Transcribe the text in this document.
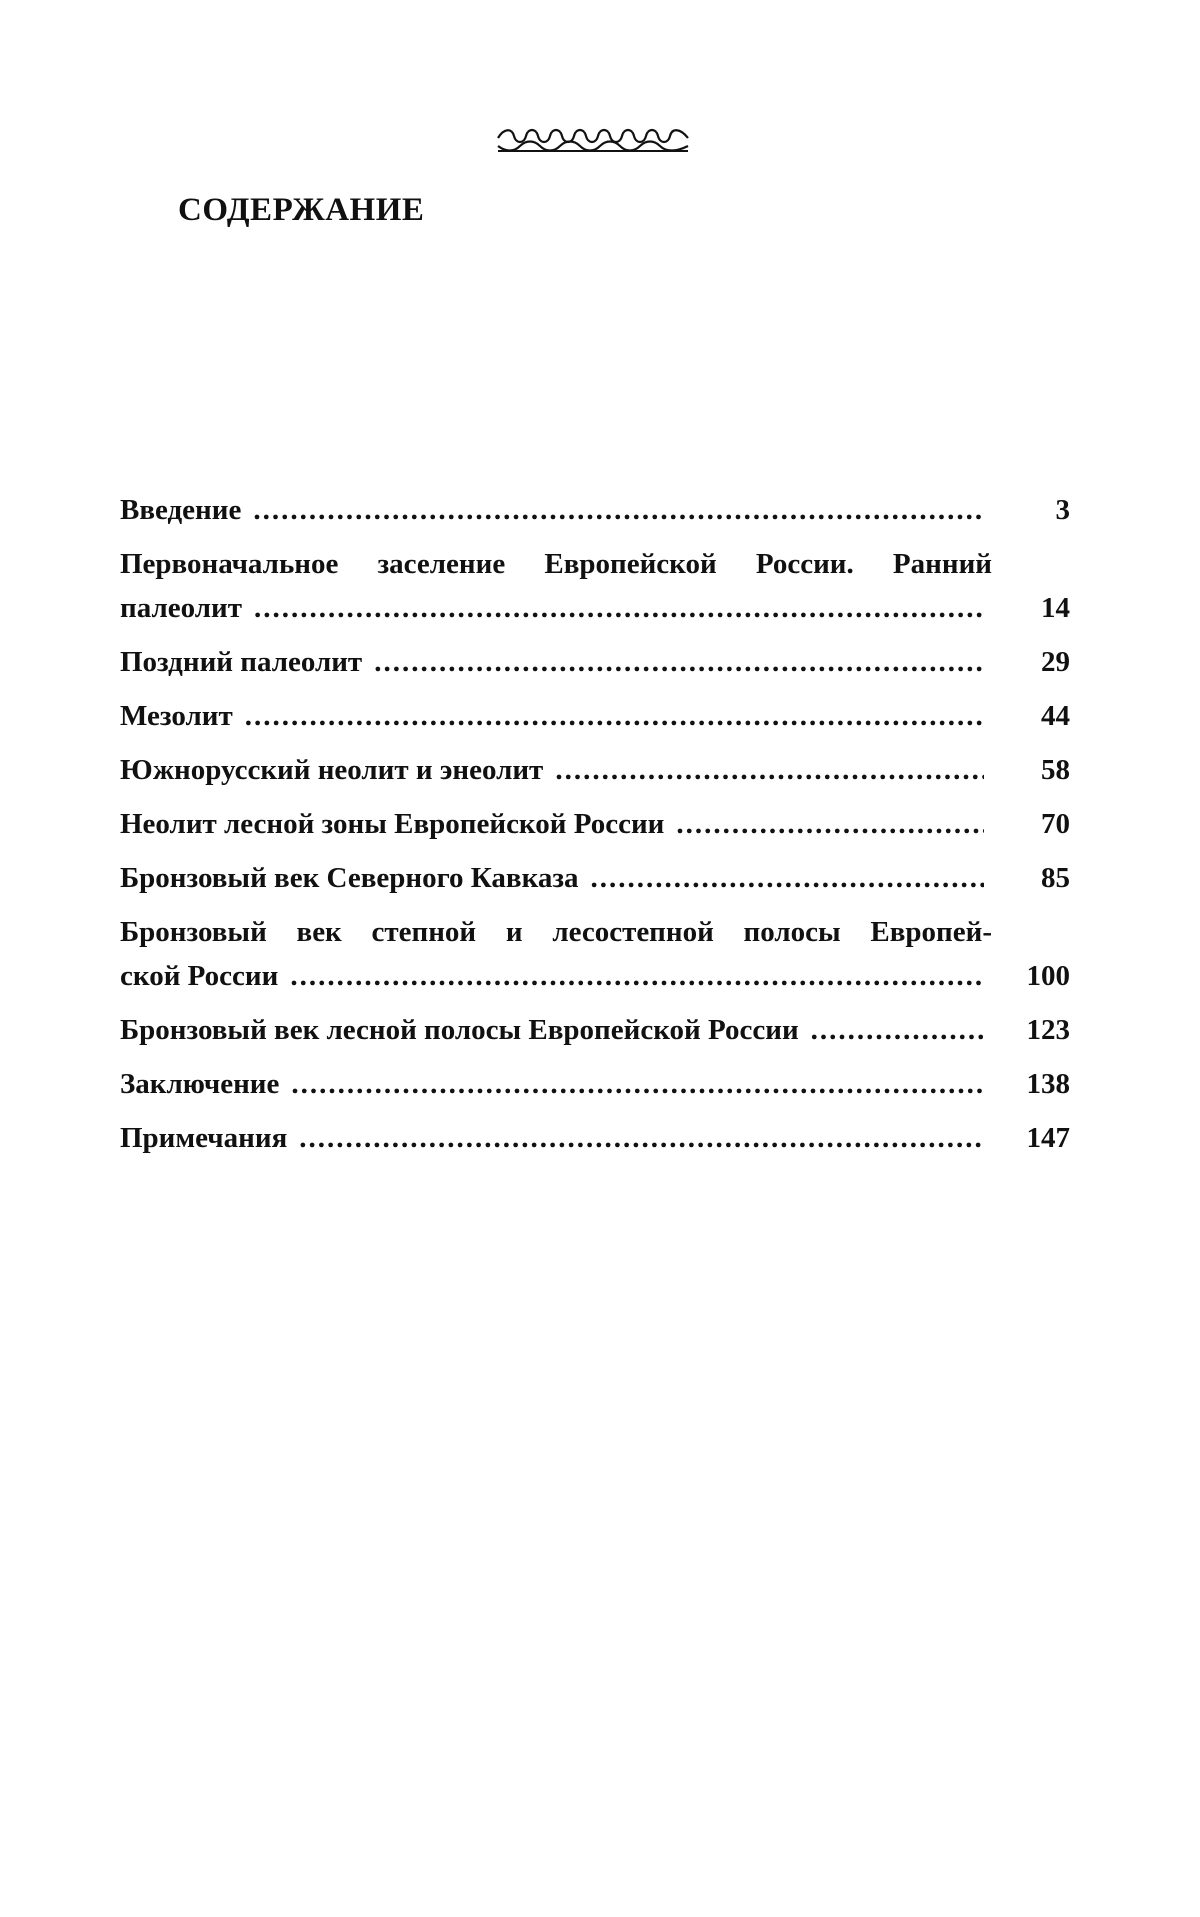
СОДЕРЖАНИЕ
Введение .....	3
Первоначальное заселение Европейской России. Ранний
палеолит .....	14
Поздний палеолит .....	29
Мезолит .....	44
Южнорусский неолит и энеолит .....	58
Неолит лесной зоны Европейской России .....	70
Бронзовый век Северного Кавказа .....	85
Бронзовый век степной и лесостепной полосы Европей-
ской России .....	100
Бронзовый век лесной полосы Европейской России .....	123
Заключение .....	138
Примечания .....	147
